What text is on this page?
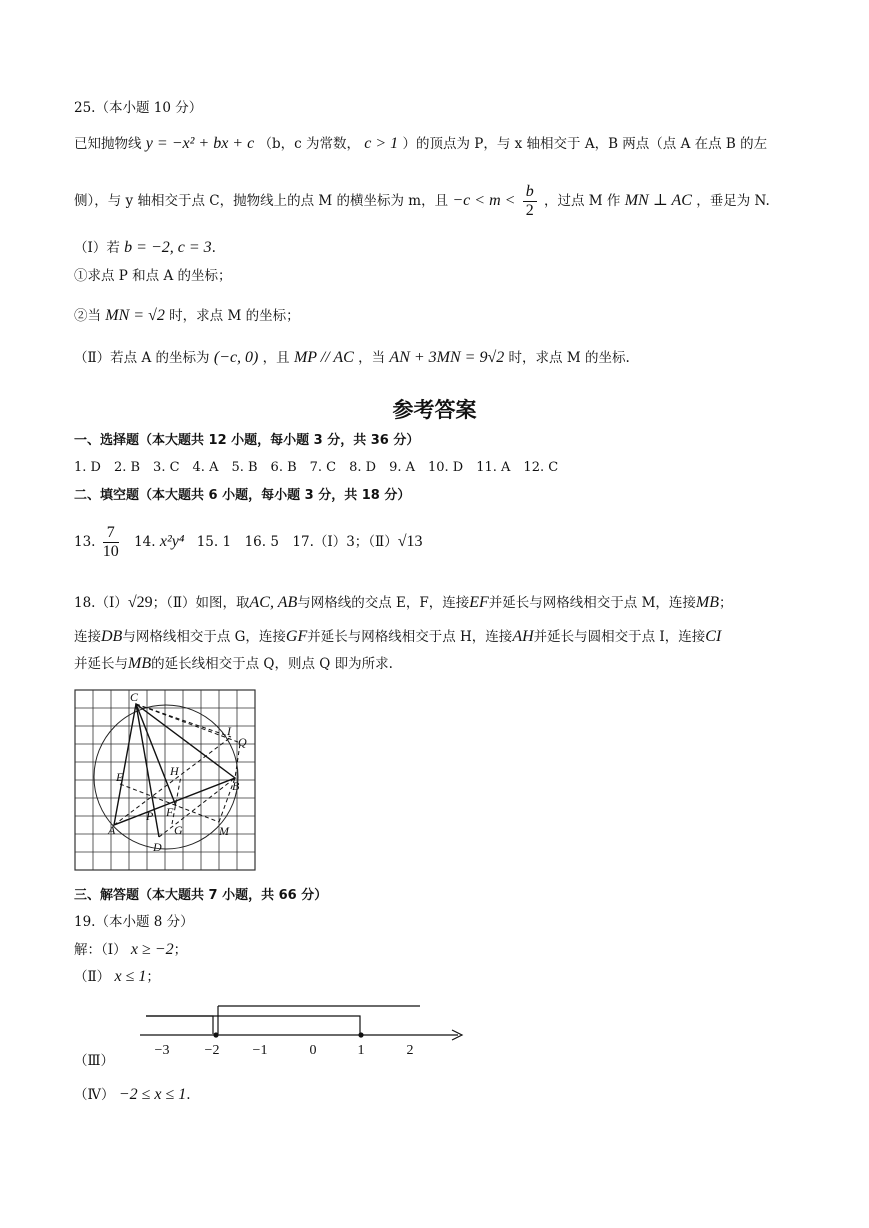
25.（本小题 10 分）
已知抛物线 y = −x² + bx + c （b，c 为常数， c > 1 ）的顶点为 P，与 x 轴相交于 A，B 两点（点 A 在点 B 的左
侧），与 y 轴相交于点 C，抛物线上的点 M 的横坐标为 m，且 $-c < m < \frac{b}{2}$ ，过点 M 作 MN ⊥ AC ，垂足为 N.
（Ⅰ）若 b = −2, c = 3.
①求点 P 和点 A 的坐标；
②当 MN = √2 时，求点 M 的坐标；
（Ⅱ）若点 A 的坐标为 (−c, 0) ，且 MP // AC ，当 AN + 3MN = 9√2 时，求点 M 的坐标.
参考答案
一、选择题（本大题共 12 小题，每小题 3 分，共 36 分）
1. D　2. B　3. C　4. A　5. B　6. B　7. C　8. D　9. A　10. D　11. A　12. C
二、填空题（本大题共 6 小题，每小题 3 分，共 18 分）
13. $\frac{7}{10} 14$. x²y⁴ 15. 1　16. 5　17.（Ⅰ）3；（Ⅱ）√13
18.（Ⅰ）√29；（Ⅱ）如图，取AC, AB与网格线的交点 E，F，连接EF并延长与网格线相交于点 M，连接MB；
连接DB与网格线相交于点 G，连接GF并延长与网格线相交于点 H，连接AH并延长与圆相交于点 I，连接CI
并延长与MB的延长线相交于点 Q，则点 Q 即为所求.
C
I
Q
H
E
B
F
P
G
A	M
D
三、解答题（本大题共 7 小题，共 66 分）
19.（本小题 8 分）
解：（Ⅰ） x ≥ −2；
（Ⅱ） x ≤ 1；
（Ⅲ）
−3	−2 −1	0	1	2
（Ⅳ） −2 ≤ x ≤ 1.
